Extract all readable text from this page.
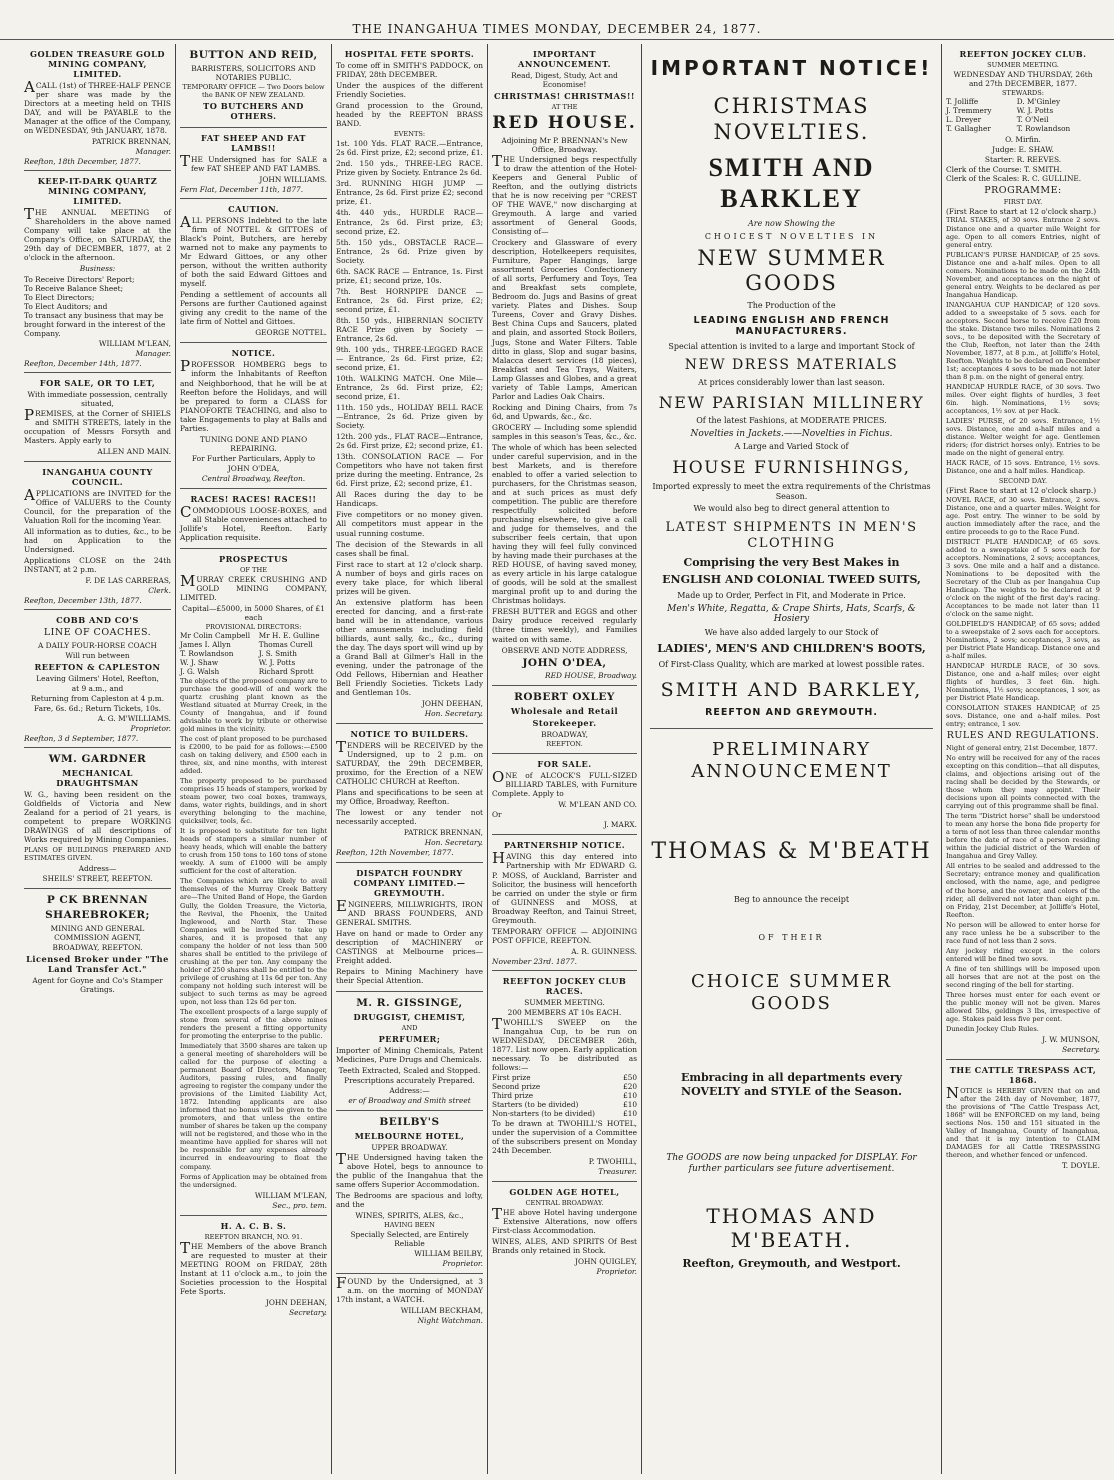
THE INANGAHUA TIMES MONDAY, DECEMBER 24, 1877.
GOLDEN TREASURE GOLD MINING COMPANY, LIMITED.

ACALL (1st) of THREE-HALF PENCE per share was made by the Directors at a meeting held on THIS DAY, and will be PAYABLE to the Manager at the office of the Company, on WEDNESDAY, 9th JANUARY, 1878.

PATRICK BRENNAN,
Manager.
Reefton, 18th December, 1877.
KEEP-IT-DARK QUARTZ MINING COMPANY, LIMITED.

THE ANNUAL MEETING of Shareholders in the above named Company will take place at the Company's Office, on SATURDAY, the 29th day of DECEMBER, 1877, at 2 o'clock in the afternoon.

Business:

To Receive Directors' Report;

To Receive Balance Sheet;

To Elect Directors;

To Elect Auditors; and

To transact any business that may be brought forward in the interest of the Company.

WILLIAM M'LEAN,
Manager.
Reefton, December 14th, 1877.
FOR SALE, OR TO LET,
With immediate possession, centrally situated,

PREMISES, at the Corner of SHIELS and SMITH STREETS, lately in the occupation of Messrs Forsyth and Masters. Apply early to

ALLEN AND MAIN.
INANGAHUA COUNTY COUNCIL.

APPLICATIONS are INVITED for the Office of VALUERS to the County Council, for the preparation of the Valuation Roll for the incoming Year.

All information as to duties, &c., to be had on Application to the Undersigned.

Applications CLOSE on the 24th INSTANT, at 2 p.m.

F. DE LAS CARRERAS,
Clerk.
Reefton, December 13th, 1877.
COBB AND CO'S
LINE OF COACHES.
A DAILY FOUR-HORSE COACH
Will run between
REEFTON & CAPLESTON
Leaving Gilmers' Hotel, Reefton,
at 9 a.m., and
Returning from Capleston at 4 p.m.
Fare, 6s. 6d.; Return Tickets, 10s.
A. G. M'WILLIAMS.
Proprietor.
Reefton, 3 d September, 1877.
WM. GARDNER
MECHANICAL DRAUGHTSMAN

W. G., having been resident on the Goldfields of Victoria and New Zealand for a period of 21 years, is competent to prepare WORKING DRAWINGS of all descriptions of Works required by Mining Companies.

PLANS OF BUILDINGS PREPARED AND ESTIMATES GIVEN.

Address—
SHEILS' STREET, REEFTON.
P CK BRENNAN
SHAREBROKER;
MINING AND GENERAL COMMISSION AGENT,
BROADWAY, REEFTON.
Licensed Broker under "The Land Transfer Act."
Agent for Goyne and Co's Stamper Gratings.
BUTTON AND REID,
BARRISTERS, SOLICITORS AND NOTARIES PUBLIC.
TEMPORARY OFFICE — Two Doors below the BANK OF NEW ZEALAND.
TO BUTCHERS AND OTHERS.
FAT SHEEP AND FAT LAMBS!!

THE Undersigned has for SALE a few FAT SHEEP AND FAT LAMBS.

JOHN WILLIAMS.
Fern Flat, December 11th, 1877.
CAUTION.

ALL PERSONS Indebted to the late firm of NOTTEL & GITTOES of Black's Point, Butchers, are hereby warned not to make any payments to Mr Edward Gittoes, or any other person, without the written authority of both the said Edward Gittoes and myself.

Pending a settlement of accounts all Persons are further Cautioned against giving any credit to the name of the late firm of Nottel and Gittoes.

GEORGE NOTTEL.
NOTICE.

PROFESSOR HOMBERG begs to inform the Inhabitants of Reefton and Neighborhood, that he will be at Reefton before the Holidays, and will be prepared to form a CLASS for PIANOFORTE TEACHING, and also to take Engagements to play at Balls and Parties.

TUNING DONE AND PIANO REPAIRING.
For Further Particulars, Apply to
JOHN O'DEA,
Central Broadway, Reefton.
RACES! RACES! RACES!!

COMMODIOUS LOOSE-BOXES, and all Stable conveniences attached to Jollife's Hotel, Reefton. Early Application requisite.

PROSPECTUS
OF THE

MURRAY CREEK CRUSHING AND GOLD MINING COMPANY, LIMITED.

Capital—£5000, in 5000 Shares, of £1 each
PROVISIONAL DIRECTORS:
Mr Colin Campbell	Mr H. E. Gulline
James I. Allyn	Thomas Curell
T. Rowlandson	J. S. Smith
W. J. Shaw	W. J. Potts
J. G. Walsh	Richard Sprott

The objects of the proposed company are to purchase the good-will of and work the quartz crushing plant known as the Westland situated at Murray Creek, in the County of Inangahua, and if found advisable to work by tribute or otherwise gold mines in the vicinity.

The cost of plant proposed to be purchased is £2000, to be paid for as follows:—£500 cash on taking delivery, and £500 each in three, six, and nine months, with interest added.

The property proposed to be purchased comprises 15 heads of stampers, worked by steam power, two coal boxes, tramways, dams, water rights, buildings, and in short everything belonging to the machine, quicksilver, tools, &c.

It is proposed to substitute for ten light heads of stampers a similar number of heavy heads, which will enable the battery to crush from 150 tons to 160 tons of stone weekly. A sum of £1000 will be amply sufficient for the cost of alteration.

The Companies which are likely to avail themselves of the Murray Creek Battery are—The United Band of Hope, the Garden Gully, the Golden Treasure, the Victoria, the Revival, the Phoenix, the United Inglewood, and North Star. These Companies will be invited to take up shares, and it is proposed that any company the holder of not less than 500 shares shall be entitled to the privilege of crushing at the per ton. Any company the holder of 250 shares shall be entitled to the privilege of crushing at 11s 6d per ton. Any company not holding such interest will be subject to such terms as may be agreed upon, not less than 12s 6d per ton.

The excellent prospects of a large supply of stone from several of the above mines renders the present a fitting opportunity for promoting the enterprise to the public.

Immediately that 3500 shares are taken up a general meeting of shareholders will be called for the purpose of electing a permanent Board of Directors, Manager, Auditors, passing rules, and finally agreeing to register the company under the provisions of the Limited Liability Act, 1872. Intending applicants are also informed that no bonus will be given to the promoters, and that unless the entire number of shares be taken up the company will not be registered, and those who in the meantime have applied for shares will not be responsible for any expenses already incurred in endeavouring to float the company.

Forms of Application may be obtained from the undersigned.

WILLIAM M'LEAN,
Sec., pro. tem.
H. A. C. B. S.
REEFTON BRANCH, NO. 91.

THE Members of the above Branch are requested to muster at their MEETING ROOM on FRIDAY, 28th Instant at 11 o'clock a.m., to join the Societies procession to the Hospital Fete Sports.

JOHN DEEHAN,
Secretary.
HOSPITAL FETE SPORTS.

To come off in SMITH'S PADDOCK, on FRIDAY, 28th DECEMBER.

Under the auspices of the different Friendly Societies.

Grand procession to the Ground, headed by the REEFTON BRASS BAND.

EVENTS:

1st. 100 Yds. FLAT RACE.—Entrance, 2s 6d. First prize, £2; second prize, £1.

2nd. 150 yds., THREE-LEG RACE. Prize given by Society. Entrance 2s 6d.

3rd. RUNNING HIGH JUMP — Entrance, 2s 6d. First prize £2; second prize, £1.

4th. 440 yds., HURDLE RACE—Entrance, 2s 6d. First prize, £3; second prize, £2.

5th. 150 yds., OBSTACLE RACE—Entrance, 2s 6d. Prize given by Society.

6th. SACK RACE — Entrance, 1s. First prize, £1; second prize, 10s.

7th. Best HORNPIPE DANCE — Entrance, 2s 6d. First prize, £2; second prize, £1.

8th. 150 yds., HIBERNIAN SOCIETY RACE Prize given by Society — Entrance, 2s 6d.

9th. 100 yds., THREE-LEGGED RACE — Entrance, 2s 6d. First prize, £2; second prize, £1.

10th. WALKING MATCH. One Mile—Entrance, 2s 6d. First prize, £2; second prize, £1.

11th. 150 yds., HOLIDAY BELL RACE—Entrance, 2s 6d. Prize given by Society.

12th. 200 yds., FLAT RACE—Entrance, 2s 6d. First prize, £2; second prize, £1.

13th. CONSOLATION RACE — For Competitors who have not taken first prize during the meeting. Entrance, 2s 6d. First prize, £2; second prize, £1.

All Races during the day to be Handicaps.

Five competitors or no money given. All competitors must appear in the usual running costume.

The decision of the Stewards in all cases shall be final.

First race to start at 12 o'clock sharp. A number of boys and girls races on every take place, for which liberal prizes will be given.

An extensive platform has been erected for dancing, and a first-rate band will be in attendance, various other amusements including field billiards, aunt sally, &c., &c., during the day. The days sport will wind up by a Grand Ball at Gilmer's Hall in the evening, under the patronage of the Odd Fellows, Hibernian and Heather Bell Friendly Societies. Tickets Lady and Gentleman 10s.

JOHN DEEHAN,
Hon. Secretary.
NOTICE TO BUILDERS.

TENDERS will be RECEIVED by the Undersigned, up to 2 p.m. on SATURDAY, the 29th DECEMBER, proximo, for the Erection of a NEW CATHOLIC CHURCH at Reefton.

Plans and specifications to be seen at my Office, Broadway, Reefton.

The lowest or any tender not necessarily accepted.

PATRICK BRENNAN,
Hon. Secretary.
Reefton, 12th November, 1877.
DISPATCH FOUNDRY COMPANY LIMITED.—GREYMOUTH.

ENGINEERS, MILLWRIGHTS, IRON AND BRASS FOUNDERS, AND GENERAL SMITHS.

Have on hand or made to Order any description of MACHINERY or CASTINGS at Melbourne prices—Freight added.

Repairs to Mining Machinery have their Special Attention.

M. R. GISSINGE,
DRUGGIST, CHEMIST,
AND
PERFUMER;

Importer of Mining Chemicals, Patent Medicines, Pure Drugs and Chemicals.

Teeth Extracted, Scaled and Stopped.
Prescriptions accurately Prepared.
Address:—
er of Broadway and Smith street
BEILBY'S
MELBOURNE HOTEL,
UPPER BROADWAY.

THE Undersigned having taken the above Hotel, begs to announce to the public of the Inangahua that the same offers Superior Accommodation.

The Bedrooms are spacious and lofty, and the

WINES, SPIRITS, ALES, &c.,
HAVING BEEN
Specially Selected, are Entirely Reliable
WILLIAM BEILBY,
Proprietor.

FOUND by the Undersigned, at 3 a.m. on the morning of MONDAY 17th instant, a WATCH.

WILLIAM BECKHAM,
Night Watchman.
IMPORTANT ANNOUNCEMENT.
Read, Digest, Study, Act and Economise!
CHRISTMAS! CHRISTMAS!!
AT THE
RED HOUSE.
Adjoining Mr P. BRENNAN's New Office, Broadway.

THE Undersigned begs respectfully to draw the attention of the Hotel-Keepers and General Public of Reefton, and the outlying districts that he is now receiving per "CREST OF THE WAVE," now discharging at Greymouth. A large and varied assortment of General Goods, Consisting of—

Crockery and Glassware of every description, Hotelkeepers requisites, Furniture, Paper Hangings, large assortment Groceries Confectionery of all sorts, Perfumery and Toys, Tea and Breakfast sets complete, Bedroom do. Jugs and Basins of great variety. Plates and Dishes. Soup Tureens, Cover and Gravy Dishes. Best China Cups and Saucers, plated and plain, and assorted Stock Boilers, Jugs, Stone and Water Filters. Table ditto in glass, Slop and sugar basins, Malacca desert services (18 pieces), Breakfast and Tea Trays, Waiters, Lamp Glasses and Globes, and a great variety of Table Lamps, American Parlor and Ladies Oak Chairs.

Rocking and Dining Chairs, from 7s 6d, and Upwards, &c., &c.

GROCERY — Including some splendid samples in this season's Teas, &c., &c.

The whole of which has been selected under careful supervision, and in the best Markets, and is therefore enabled to offer a varied selection to purchasers, for the Christmas season, and at such prices as must defy competition. The public are therefore respectfully solicited before purchasing elsewhere, to give a call and judge for themselves, and the subscriber feels certain, that upon having they will feel fully convinced by having made their purchases at the RED HOUSE, of having saved money, as every article in his large catalogue of goods, will be sold at the smallest marginal profit up to and during the Christmas holidays.

FRESH BUTTER and EGGS and other Dairy produce received regularly (three times weekly), and Families waited on with same.

OBSERVE AND NOTE ADDRESS,
JOHN O'DEA,
RED HOUSE, Broadway.
ROBERT OXLEY
Wholesale and Retail
Storekeeper.
BROADWAY,
REEFTON.
FOR SALE.

ONE of ALCOCK'S FULL-SIZED BILLIARD TABLES, with Furniture Complete. Apply to

W. M'LEAN AND CO.
Or
J. MARX.
PARTNERSHIP NOTICE.

HAVING this day entered into Partnership with Mr EDWARD G. P. MOSS, of Auckland, Barrister and Solicitor, the business will henceforth be carried on under the style or firm of GUINNESS and MOSS, at Broadway Reefton, and Tainui Street, Greymouth.

TEMPORARY OFFICE — ADJOINING POST OFFICE, REEFTON.

A. R. GUINNESS.
November 23rd. 1877.
REEFTON JOCKEY CLUB RACES.
SUMMER MEETING.
200 MEMBERS AT 10s EACH.

TWOHILL'S SWEEP on the Inangahua Cup, to be run on WEDNESDAY, DECEMBER 26th, 1877. List now open. Early application necessary. To be distributed as follows:—

First prize	£50
Second prize	£20
Third prize	£10
Starters (to be divided)	£10
Non-starters (to be divided)	£10

To be drawn at TWOHILL'S HOTEL, under the supervision of a Committee of the subscribers present on Monday 24th December.

P. TWOHILL,
Treasurer.
GOLDEN AGE HOTEL,
CENTRAL BROADWAY.

THE above Hotel having undergone Extensive Alterations, now offers First-class Accommodation.

WINES, ALES, AND SPIRITS Of Best Brands only retained in Stock.

JOHN QUIGLEY,
Proprietor.
IMPORTANT NOTICE!
CHRISTMAS NOVELTIES.
SMITH AND BARKLEY
Are now Showing the
CHOICEST NOVELTIES IN
NEW SUMMER GOODS
The Production of the
LEADING ENGLISH AND FRENCH MANUFACTURERS.
Special attention is invited to a large and important Stock of
NEW DRESS MATERIALS
At prices considerably lower than last season.
NEW PARISIAN MILLINERY
Of the latest Fashions, at MODERATE PRICES.
Novelties in Jackets.——Novelties in Fichus.
A Large and Varied Stock of
HOUSE FURNISHINGS,
Imported expressly to meet the extra requirements of the Christmas Season.
We would also beg to direct general attention to
LATEST SHIPMENTS IN MEN'S CLOTHING
Comprising the very Best Makes in
ENGLISH AND COLONIAL TWEED SUITS,
Made up to Order, Perfect in Fit, and Moderate in Price.
Men's White, Regatta, & Crape Shirts, Hats, Scarfs, & Hosiery
We have also added largely to our Stock of
LADIES', MEN'S AND CHILDREN'S BOOTS,
Of First-Class Quality, which are marked at lowest possible rates.
SMITH AND BARKLEY,
REEFTON AND GREYMOUTH.
PRELIMINARY ANNOUNCEMENT
THOMAS & M'BEATH
Beg to announce the receipt
OF THEIR
CHOICE SUMMER GOODS
Embracing in all departments every NOVELTY and STYLE of the Season.
The GOODS are now being unpacked for DISPLAY. For further particulars see future advertisement.
THOMAS AND M'BEATH.
Reefton, Greymouth, and Westport.
REEFTON JOCKEY CLUB.
SUMMER MEETING.
WEDNESDAY AND THURSDAY, 26th and 27th DECEMBER, 1877.
STEWARDS:
T. Jolliffe	D. M'Ginley
J. Tremmery	W. J. Potts
L. Dreyer	T. O'Neil
T. Gallagher	T. Rowlandson
O. Mirfin.
Judge: E. SHAW.
Starter: R. REEVES.
Clerk of the Course: T. SMITH.
Clerk of the Scales: R. C. GULLINE.
PROGRAMME:
FIRST DAY.
(First Race to start at 12 o'clock sharp.)

TRIAL STAKES, of 30 sovs. Entrance 2 sovs. Distance one and a quarter mile Weight for age. Open to all comers Entries, night of general entry.

PUBLICAN'S PURSE HANDICAP, of 25 sovs. Distance one and a-half miles. Open to all comers. Nominations to be made on the 24th November, and acceptances on the night of general entry. Weights to be declared as per Inangahua Handicap.

INANGAHUA CUP HANDICAP, of 120 sovs. added to a sweepstake of 5 sovs. each for acceptors. Second horse to receive £20 from the stake. Distance two miles. Nominations 2 sovs., to be deposited with the Secretary of the Club, Reefton, not later than the 24th November, 1877, at 8 p.m., at Jolliffe's Hotel, Reefton. Weights to be declared on December 1st; acceptances 4 sovs to be made not later than 8 p.m. on the night of general entry.

HANDICAP HURDLE RACE, of 30 sovs. Two miles. Over eight flights of hurdles, 3 feet 6in. high. Nominations, 1½ sovs; acceptances, 1½ sov. at per Hack.

LADIES' PURSE, of 20 sovs. Entrance, 1½ sovs. Distance, one and a-half miles and a distance. Welter weight for age. Gentlemen riders; (for district horses only). Entries to be made on the night of general entry.

HACK RACE, of 15 sovs. Entrance, 1½ sovs. Distance, one and a half miles. Handicap.

SECOND DAY.
(First Race to start at 12 o'clock sharp.)

NOVEL RACE, of 30 sovs. Entrance, 2 sovs. Distance, one and a quarter miles. Weight for age. Post entry. The winner to be sold by auction immediately after the race, and the entire proceeds to go to the Race Fund.

DISTRICT PLATE HANDICAP, of 65 sovs. added to a sweepstake of 5 sovs each for acceptors. Nominations, 2 sovs; acceptances, 3 sovs. One mile and a half and a distance. Nominations to be deposited with the Secretary of the Club as per Inangahua Cup Handicap. The weights to be declared at 9 o'clock on the night of the first day's racing. Acceptances to be made not later than 11 o'clock on the same night.

GOLDFIELD'S HANDICAP, of 65 sovs; added to a sweepstake of 2 sovs each for acceptors. Nominations, 2 sovs; acceptances, 3 sovs, as per District Plate Handicap. Distance one and a-half miles.

HANDICAP HURDLE RACE, of 30 sovs. Distance, one and a-half miles; over eight flights of hurdles, 3 feet 6in. high. Nominations, 1½ sovs; acceptances, 1 sov, as per District Plate Handicap.

CONSOLATION STAKES HANDICAP, of 25 sovs. Distance, one and a-half miles. Post entry; entrance, 1 sov.

RULES AND REGULATIONS.

Night of general entry, 21st December, 1877.

No entry will be received for any of the races excepting on this condition—that all disputes, claims, and objections arising out of the racing shall be decided by the Stewards, or those whom they may appoint. Their decisions upon all points connected with the carrying out of this programme shall be final.

The term "District horse" shall be understood to mean any horse the bona fide property for a term of not less than three calendar months before the date of race of a person residing within the judicial district of the Warden of Inangahua and Grey Valley.

All entries to be sealed and addressed to the Secretary; entrance money and qualification enclosed, with the name, age, and pedigree of the horse, and the owner, and colors of the rider, all delivered not later than eight p.m. on Friday, 21st December, at Jolliffe's Hotel, Reefton.

No person will be allowed to enter horse for any race unless he be a subscriber to the race fund of not less than 2 sovs.

Any jockey riding except in the colors entered will be fined two sovs.

A fine of ten shillings will be imposed upon all horses that are not at the post on the second ringing of the bell for starting.

Three horses must enter for each event or the public money will not be given. Mares allowed 5lbs, geldings 3 lbs, irrespective of age. Stakes paid less five per cent.

Dunedin Jockey Club Rules.

J. W. MUNSON,
Secretary.
THE CATTLE TRESPASS ACT, 1868.

NOTICE is HEREBY GIVEN that on and after the 24th day of November, 1877, the provisions of "The Cattle Trespass Act, 1868" will be ENFORCED on my land, being sections Nos. 150 and 151 situated in the Valley of Inangahua, County of Inangahua, and that it is my intention to CLAIM DAMAGES for all Cattle TRESPASSING thereon, and whether fenced or unfenced.

T. DOYLE.
